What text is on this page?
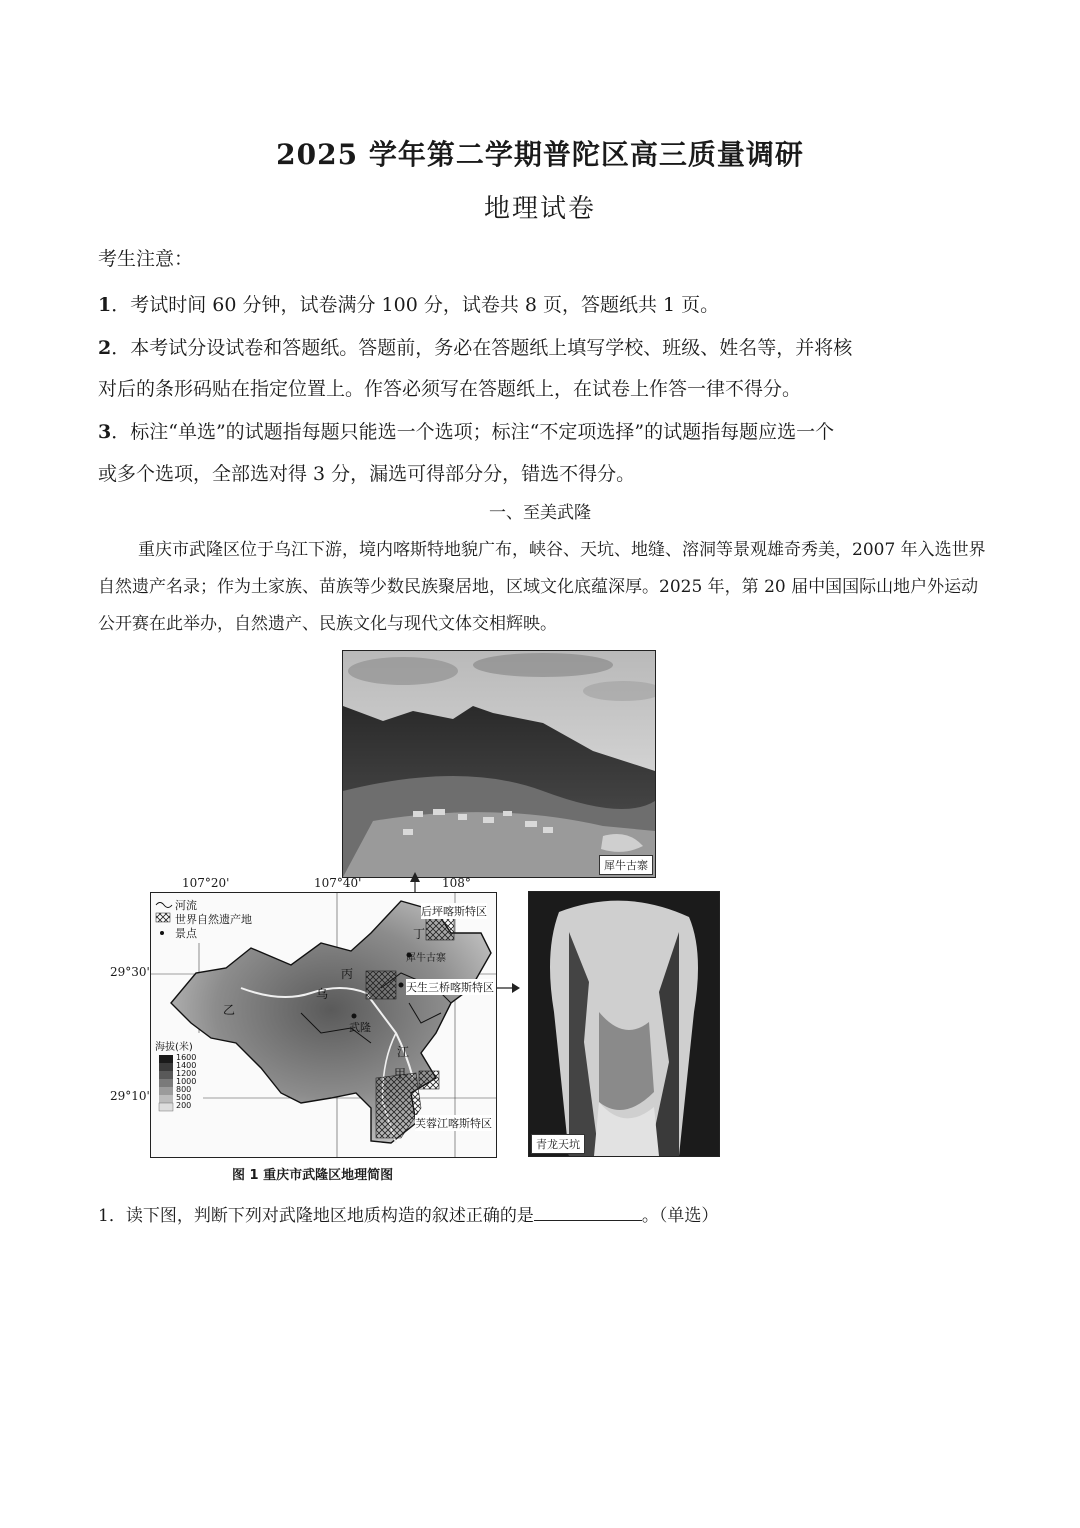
2025 学年第二学期普陀区高三质量调研
地理试卷
考生注意：
1．考试时间 60 分钟，试卷满分 100 分，试卷共 8 页，答题纸共 1 页。
2．本考试分设试卷和答题纸。答题前，务必在答题纸上填写学校、班级、姓名等，并将核
对后的条形码贴在指定位置上。作答必须写在答题纸上，在试卷上作答一律不得分。
3．标注“单选”的试题指每题只能选一个选项；标注“不定项选择”的试题指每题应选一个
或多个选项，全部选对得 3 分，漏选可得部分分，错选不得分。
一、至美武隆
重庆市武隆区位于乌江下游，境内喀斯特地貌广布，峡谷、天坑、地缝、溶洞等景观雄奇秀美，2007 年入选世界自然遗产名录；作为土家族、苗族等少数民族聚居地，区域文化底蕴深厚。2025 年，第 20 届中国国际山地户外运动公开赛在此举办，自然遗产、民族文化与现代文体交相辉映。
犀牛古寨
河流
世界自然遗产地
景点
海拔(米)
1600
1400
1200
1000
800
500
200
后坪喀斯特区
犀牛古寨
天生三桥喀斯特区
武隆
芙蓉江喀斯特区
丁
丙
乙
甲
乌
江
107°20'	107°40'	108°
29°30'
29°10'
青龙天坑
图 1 重庆市武隆区地理简图
1．读下图，判断下列对武隆地区地质构造的叙述正确的是	。（单选）
